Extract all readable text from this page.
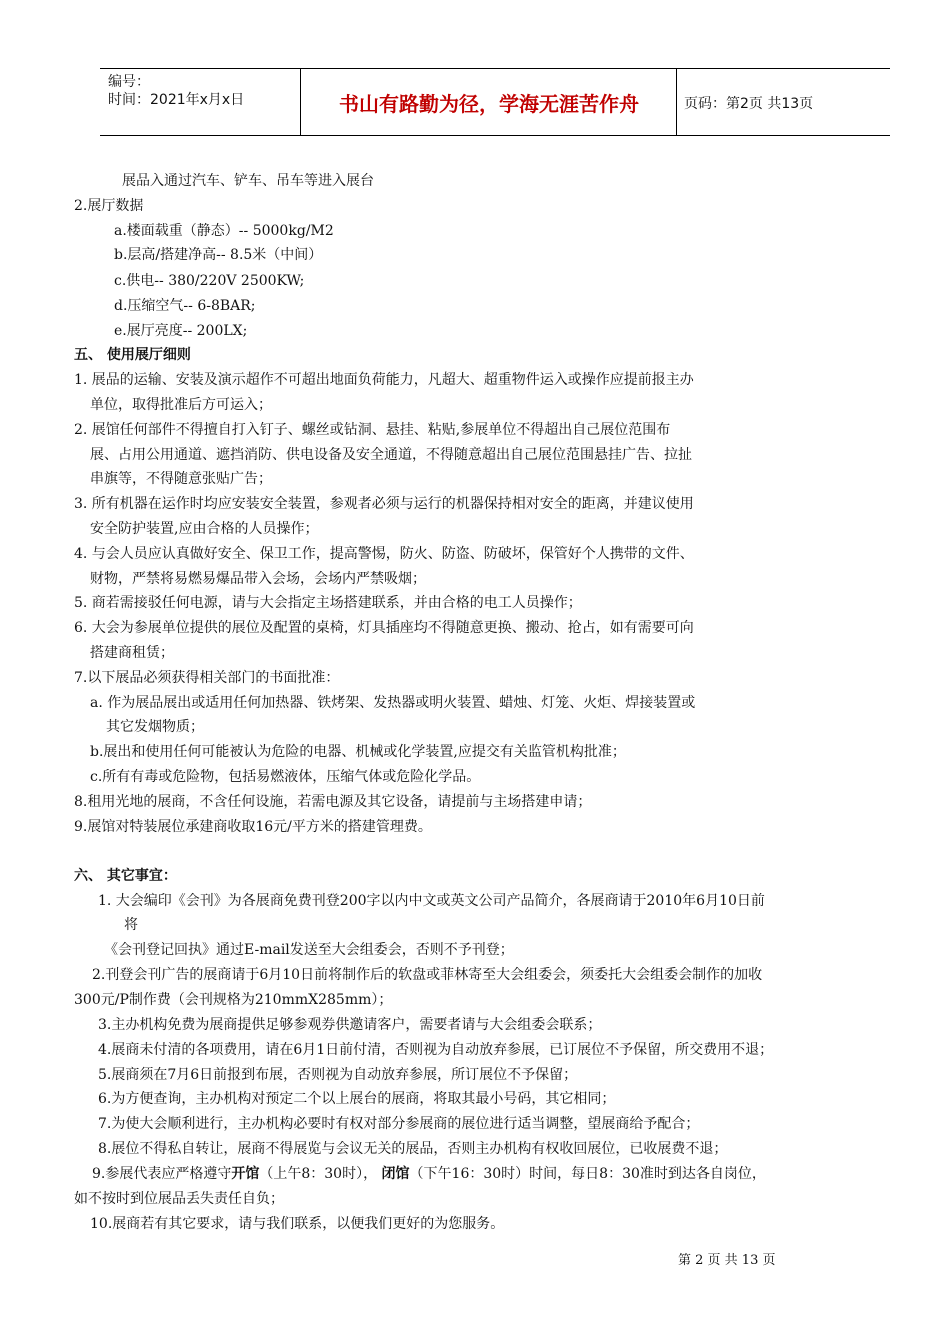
编号：
时间：2021年x月x日	书山有路勤为径，学海无涯苦作舟	页码：第2页 共13页
展品入通过汽车、铲车、吊车等进入展台
2.展厅数据
a.楼面载重（静态）-- 5000kg/M2
b.层高/搭建净高-- 8.5米（中间）
c.供电-- 380/220V 2500KW;
d.压缩空气-- 6-8BAR;
e.展厅亮度-- 200LX;
五、 使用展厅细则
1. 展品的运输、安装及演示超作不可超出地面负荷能力，凡超大、超重物件运入或操作应提前报主办
单位，取得批准后方可运入；
2. 展馆任何部件不得擅自打入钉子、螺丝或钻洞、悬挂、粘贴,参展单位不得超出自己展位范围布
展、占用公用通道、遮挡消防、供电设备及安全通道，不得随意超出自己展位范围悬挂广告、拉扯
串旗等，不得随意张贴广告；
3. 所有机器在运作时均应安装安全装置，参观者必须与运行的机器保持相对安全的距离，并建议使用
安全防护装置,应由合格的人员操作；
4. 与会人员应认真做好安全、保卫工作，提高警惕，防火、防盗、防破坏，保管好个人携带的文件、
财物，严禁将易燃易爆品带入会场，会场内严禁吸烟；
5. 商若需接驳任何电源，请与大会指定主场搭建联系，并由合格的电工人员操作；
6. 大会为参展单位提供的展位及配置的桌椅，灯具插座均不得随意更换、搬动、抢占，如有需要可向
搭建商租赁；
7.以下展品必须获得相关部门的书面批准：
a. 作为展品展出或适用任何加热器、铁烤架、发热器或明火装置、蜡烛、灯笼、火炬、焊接装置或
其它发烟物质；
b.展出和使用任何可能被认为危险的电器、机械或化学装置,应提交有关监管机构批准；
c.所有有毒或危险物，包括易燃液体，压缩气体或危险化学品。
8.租用光地的展商，不含任何设施，若需电源及其它设备，请提前与主场搭建申请；
9.展馆对特装展位承建商收取16元/平方米的搭建管理费。
六、 其它事宜：
1. 大会编印《会刊》为各展商免费刊登200字以内中文或英文公司产品简介，各展商请于2010年6月10日前
将
《会刊登记回执》通过E-mail发送至大会组委会，否则不予刊登；
2.刊登会刊广告的展商请于6月10日前将制作后的软盘或菲林寄至大会组委会，须委托大会组委会制作的加收
300元/P制作费（会刊规格为210mmX285mm）；
3.主办机构免费为展商提供足够参观券供邀请客户，需要者请与大会组委会联系；
4.展商未付清的各项费用，请在6月1日前付清，否则视为自动放弃参展，已订展位不予保留，所交费用不退；
5.展商须在7月6日前报到布展，否则视为自动放弃参展，所订展位不予保留；
6.为方便查询，主办机构对预定二个以上展台的展商，将取其最小号码，其它相同；
7.为使大会顺利进行，主办机构必要时有权对部分参展商的展位进行适当调整，望展商给予配合；
8.展位不得私自转让，展商不得展览与会议无关的展品，否则主办机构有权收回展位，已收展费不退；
9.参展代表应严格遵守开馆（上午8：30时）， 闭馆（下午16：30时）时间，每日8：30准时到达各自岗位，
如不按时到位展品丢失责任自负；
10.展商若有其它要求，请与我们联系，以便我们更好的为您服务。
第 2 页 共 13 页
